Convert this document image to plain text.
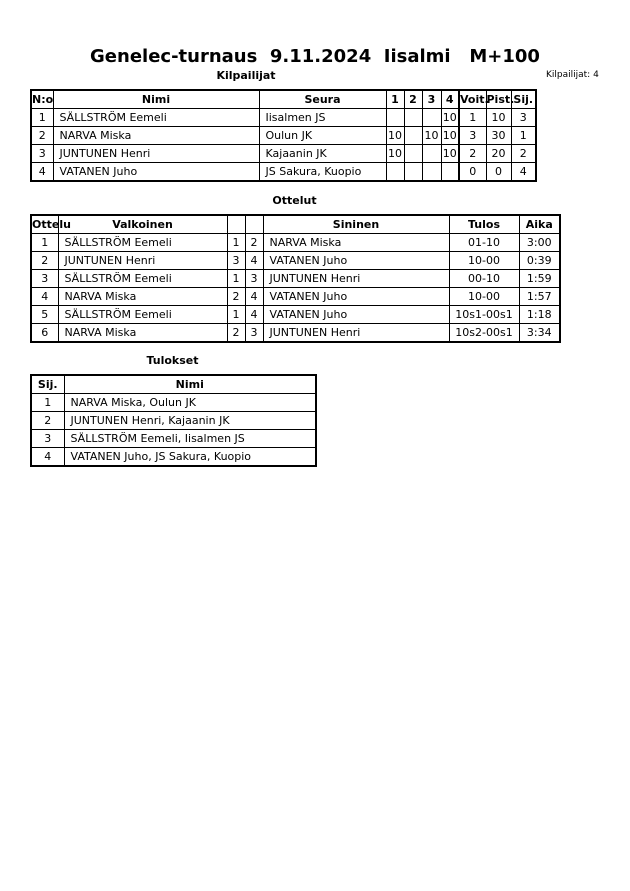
Genelec-turnaus  9.11.2024  Iisalmi   M+100
Kilpailijat	Kilpailijat: 4
N:o	Nimi	Seura	1	2	3	4	Voit.	Pist.	Sij.
1	SÄLLSTRÖM Eemeli	Iisalmen JS				10	1	10	3
2	NARVA Miska	Oulun JK	10		10	10	3	30	1
3	JUNTUNEN Henri	Kajaanin JK	10			10	2	20	2
4	VATANEN Juho	JS Sakura, Kuopio					0	0	4
Ottelut
Ottelu	Valkoinen			Sininen	Tulos	Aika
1	SÄLLSTRÖM Eemeli	1	2	NARVA Miska	01-10	3:00
2	JUNTUNEN Henri	3	4	VATANEN Juho	10-00	0:39
3	SÄLLSTRÖM Eemeli	1	3	JUNTUNEN Henri	00-10	1:59
4	NARVA Miska	2	4	VATANEN Juho	10-00	1:57
5	SÄLLSTRÖM Eemeli	1	4	VATANEN Juho	10s1-00s1	1:18
6	NARVA Miska	2	3	JUNTUNEN Henri	10s2-00s1	3:34
Tulokset
Sij.	Nimi
1	NARVA Miska, Oulun JK
2	JUNTUNEN Henri, Kajaanin JK
3	SÄLLSTRÖM Eemeli, Iisalmen JS
4	VATANEN Juho, JS Sakura, Kuopio
